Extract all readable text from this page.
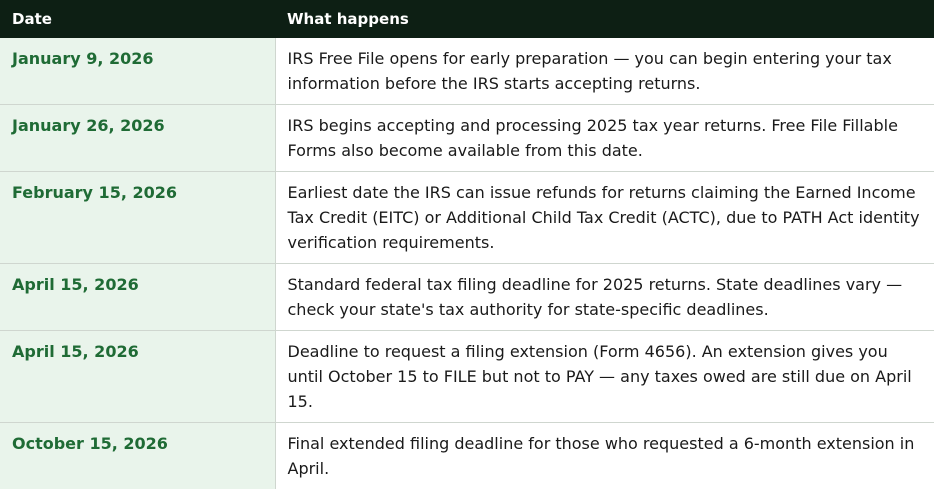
Date	What happens
January 9, 2026	IRS Free File opens for early preparation — you can begin entering your tax information before the IRS starts accepting returns.
January 26, 2026	IRS begins accepting and processing 2025 tax year returns. Free File Fillable Forms also become available from this date.
February 15, 2026	Earliest date the IRS can issue refunds for returns claiming the Earned Income Tax Credit (EITC) or Additional Child Tax Credit (ACTC), due to PATH Act identity verification requirements.
April 15, 2026	Standard federal tax filing deadline for 2025 returns. State deadlines vary — check your state's tax authority for state-specific deadlines.
April 15, 2026	Deadline to request a filing extension (Form 4656). An extension gives you until October 15 to FILE but not to PAY — any taxes owed are still due on April 15.
October 15, 2026	Final extended filing deadline for those who requested a 6-month extension in April.
